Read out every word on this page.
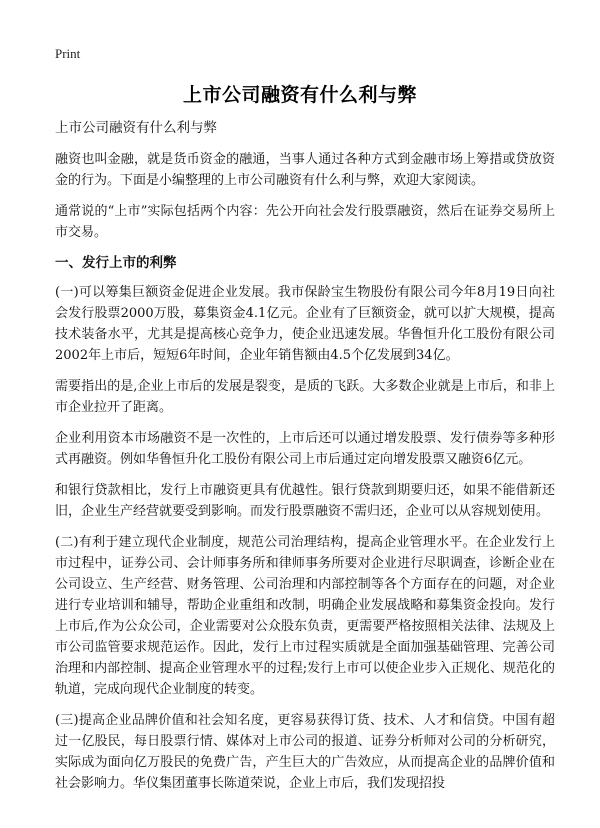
Print
上市公司融资有什么利与弊

上市公司融资有什么利与弊

融资也叫金融，就是货币资金的融通，当事人通过各种方式到金融市场上筹措或贷放资金的行为。下面是小编整理的上市公司融资有什么利与弊，欢迎大家阅读。

通常说的“上市”实际包括两个内容：先公开向社会发行股票融资，然后在证券交易所上市交易。

一、发行上市的利弊

(一)可以筹集巨额资金促进企业发展。我市保龄宝生物股份有限公司今年8月19日向社会发行股票2000万股，募集资金4.1亿元。企业有了巨额资金，就可以扩大规模，提高技术装备水平，尤其是提高核心竞争力，使企业迅速发展。华鲁恒升化工股份有限公司2002年上市后，短短6年时间，企业年销售额由4.5个亿发展到34亿。

需要指出的是,企业上市后的发展是裂变，是质的飞跃。大多数企业就是上市后，和非上市企业拉开了距离。

企业利用资本市场融资不是一次性的，上市后还可以通过增发股票、发行债券等多种形式再融资。例如华鲁恒升化工股份有限公司上市后通过定向增发股票又融资6亿元。

和银行贷款相比，发行上市融资更具有优越性。银行贷款到期要归还，如果不能借新还旧，企业生产经营就要受到影响。而发行股票融资不需归还，企业可以从容规划使用。

(二)有利于建立现代企业制度，规范公司治理结构，提高企业管理水平。在企业发行上市过程中，证券公司、会计师事务所和律师事务所要对企业进行尽职调查，诊断企业在公司设立、生产经营、财务管理、公司治理和内部控制等各个方面存在的问题，对企业进行专业培训和辅导，帮助企业重组和改制，明确企业发展战略和募集资金投向。发行上市后,作为公众公司，企业需要对公众股东负责，更需要严格按照相关法律、法规及上市公司监管要求规范运作。因此，发行上市过程实质就是全面加强基础管理、完善公司治理和内部控制、提高企业管理水平的过程;发行上市可以使企业步入正规化、规范化的轨道，完成向现代企业制度的转变。

(三)提高企业品牌价值和社会知名度，更容易获得订货、技术、人才和信贷。中国有超过一亿股民，每日股票行情、媒体对上市公司的报道、证券分析师对公司的分析研究，实际成为面向亿万股民的免费广告，产生巨大的广告效应，从而提高企业的品牌价值和社会影响力。华仪集团董事长陈道荣说，企业上市后，我们发现招投
